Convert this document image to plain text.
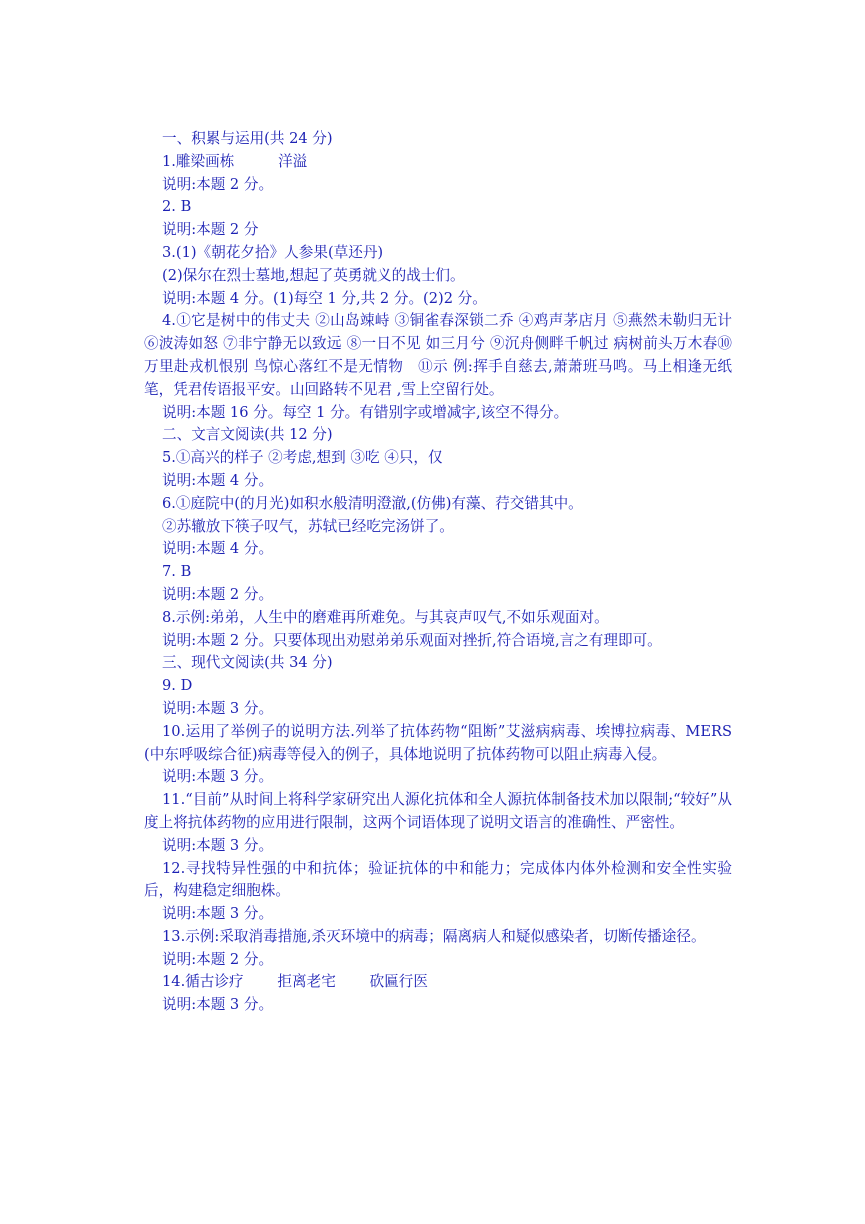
一、积累与运用(共 24 分)

1.雕梁画栋　　　洋溢

说明:本题 2 分。

2. B

说明:本题 2 分

3.(1)《朝花夕拾》人参果(草还丹)

(2)保尔在烈士墓地,想起了英勇就义的战士们。

说明:本题 4 分。(1)每空 1 分,共 2 分。(2)2 分。

4.①它是树中的伟丈夫 ②山岛竦峙 ③铜雀春深锁二乔 ④鸡声茅店月 ⑤燕然未勒归无计⑥波涛如怒 ⑦非宁静无以致远 ⑧一日不见 如三月兮 ⑨沉舟侧畔千帆过 病树前头万木春⑩万里赴戎机恨别 鸟惊心落红不是无情物　⑪示 例:挥手自慈去,萧萧班马鸣。马上相逢无纸笔，凭君传语报平安。山回路转不见君 ,雪上空留行处。

说明:本题 16 分。每空 1 分。有错别字或增减字,该空不得分。

二、文言文阅读(共 12 分)

5.①高兴的样子 ②考虑,想到 ③吃 ④只，仅

说明:本题 4 分。

6.①庭院中(的月光)如积水般清明澄澈,(仿佛)有藻、荇交错其中。

②苏辙放下筷子叹气，苏轼已经吃完汤饼了。

说明:本题 4 分。

7. B

说明:本题 2 分。

8.示例:弟弟，人生中的磨难再所难免。与其哀声叹气,不如乐观面对。

说明:本题 2 分。只要体现出劝慰弟弟乐观面对挫折,符合语境,言之有理即可。

三、现代文阅读(共 34 分)

9. D

说明:本题 3 分。

10.运用了举例子的说明方法.列举了抗体药物“阻断”艾滋病病毒、埃博拉病毒、MERS(中东呼吸综合征)病毒等侵入的例子，具体地说明了抗体药物可以阻止病毒入侵。

说明:本题 3 分。

11.“目前”从时间上将科学家研究出人源化抗体和全人源抗体制备技术加以限制;“较好”从度上将抗体药物的应用进行限制，这两个词语体现了说明文语言的准确性、严密性。

说明:本题 3 分。

12.寻找特异性强的中和抗体；验证抗体的中和能力；完成体内体外检测和安全性实验后，构建稳定细胞株。

说明:本题 3 分。

13.示例:采取消毒措施,杀灭环境中的病毒；隔离病人和疑似感染者，切断传播途径。

说明:本题 2 分。

14.循古诊疗　　 拒离老宅　　 砍匾行医

说明:本题 3 分。
